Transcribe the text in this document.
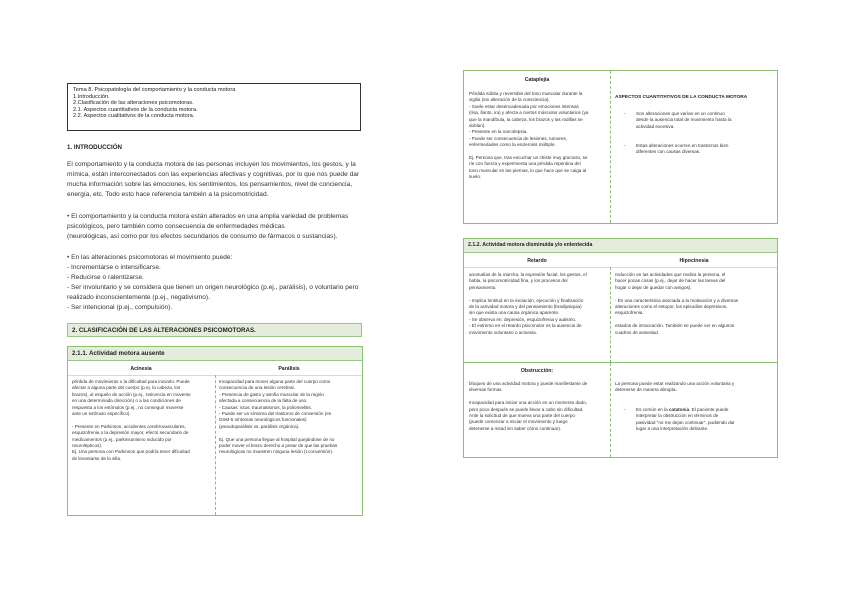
Tema 8. Psicopatología del comportamiento y la conducta motora
1.Introducción.
2.Clasificación de las alteraciones psicomotoras.
2.1. Aspectos cuantitativos de la conducta motora.
2.2. Aspectos cualitativos de la conducta motora.
1. INTRODUCCIÓN
El comportamiento y la conducta motora de las personas incluyen los movimientos, los gestos, y la
mímica, están interconectados con las experiencias afectivas y cognitivas, por lo que nos puede dar
mucha información sobre las emociones, los sentimientos, los pensamientos, nivel de conciencia,
energía, etc. Todo esto hace referencia también a la psicomotricidad.
• El comportamiento y la conducta motora están alterados en una amplia variedad de problemas
psicológicos, pero también como consecuencia de enfermedades médicas
(neurológicas, así como por los efectos secundarios de consumo de fármacos o sustancias).
• En las alteraciones psicomotoras el movimiento puede:
- Incrementarse o intensificarse.
- Reducirse o ralentizarse.
- Ser involuntario y se considera que tienen un origen neurológico (p.ej., parálisis), o voluntario pero
realizado inconscientemente (p.ej., negativismo).
- Ser intencional (p.ej., compulsión).
2. CLASIFICACIÓN DE LAS ALTERACIONES PSICOMOTORAS.
2.1.1. Actividad motora ausente
Acinesia	Parálisis
pérdida de movimiento o la dificultad para iniciarlo. Puede
afectar a alguna parte del cuerpo (p.ej. la cabeza, los
brazos), al esquelo de acción (p.ej., reticencia en moverse
en una determinada dirección) o a las condiciones de
respuesta a los estímulos (p.ej., no conseguir moverse
ante un estímulo específico).
- Presente en Parkinson, accidentes cerebrovasculares,
esquizofrenia o la depresión mayor, efecto secundario de
medicamentos (p.ej., parkinsonismo inducido por
neurolépticos).
Ej. Una persona con Parkinson que podría tener dificultad
de levantarse de la silla.
Incapacidad para mover alguna parte del cuerpo como
consecuencia de una lesión cerebral.
- Presencia de gasto y atrofia muscular de la región
afectada a consecuencia de la falta de uso.
- Causas: ictus, traumatismos, la poliomielitis.
- Puede ser un síntoma del trastorno de conversión (en
DSM-5 síntomas neurológicos funcionales)
(pseudoparálisis vs. parálisis orgánica).
Ej. Que una persona llegue al hospital quejándose de no
poder mover el brazo derecho a pesar de que las pruebas
neurológicas no muestren ninguna lesión (t.conversión).
Cataplejía
Pérdida súbita y reversible del tono muscular durante la
vigilia (sin alteración de la consciencia).
- Suele estar desencadenada por emociones intensas
(risa, llanto, ira) y afecta a ciertos músculos voluntarios (ya
que la mandíbula, la cabeza, los brazos y las rodillas se
doblan).
- Presente en la narcolepsia.
- Puede ser consecuencia de lesiones, tumores,
enfermedades como la esclerosis múltiple.
Ej. Persona que, tras escuchar un chiste muy gracioso, se
ríe con fuerza y experimenta una pérdida repentina del
tono muscular en las piernas, lo que hace que se caiga al
suelo.
ASPECTOS CUANTITATIVOS DE LA CONDUCTA MOTORA
- Son alteraciones que varían en un continuo
desde la ausencia total de movimiento hasta la
actividad excesiva.
- Estas alteraciones ocurren en trastornos bien
diferentes con causas diversas.
2.1.2. Actividad motora disminuida y/o enlentecida
Retardo	Hipocinesia
anomalías de la marcha, la expresión facial, los gestos, el
habla, la psicomotricidad fina, y los procesos del
pensamiento.
- Implica lentitud en la iniciación, ejecución y finalización
de la actividad motora y del pensamiento (bradipsiquia)
sin que exista una causa orgánica aparente.
- Se observa en: depresión, esquizofrenia y autismo.
- El extremo en el retardo psicomotor es la ausencia de
movimiento voluntario o acinesia.
reducción en las actividades que realiza la persona, el
hacer pocas cosas (p.ej., dejar de hacer las tareas del
hogar o dejar de quedar con amigos).
- Es una característica asociada a la motivación y a diversas
alteraciones como el estupor, los episodios depresivos,
esquizofrenia.
estados de intoxicación. También se puede ver en algunos
cuadros de ansiedad.
Obstrucción:
bloqueo de una actividad motora y puede manifestarse de
diversas formas.
Incapacidad para iniciar una acción en un momento dado,
pero poco después se puede llevar a cabo sin dificultad.
Ante la solicitud de que mueva una parte del cuerpo
(puede comenzar a iniciar el movimiento y luego
detenerse a mitad sin saber cómo continuar).
La persona puede estar realizando una acción voluntaria y
detenerse de manera abrupta.
- Es común en la catatonía. El paciente puede
interpretar la obstrucción en términos de
pasividad "no me dejan continuar", pudiendo dar
lugar a una interpretación delirante.
